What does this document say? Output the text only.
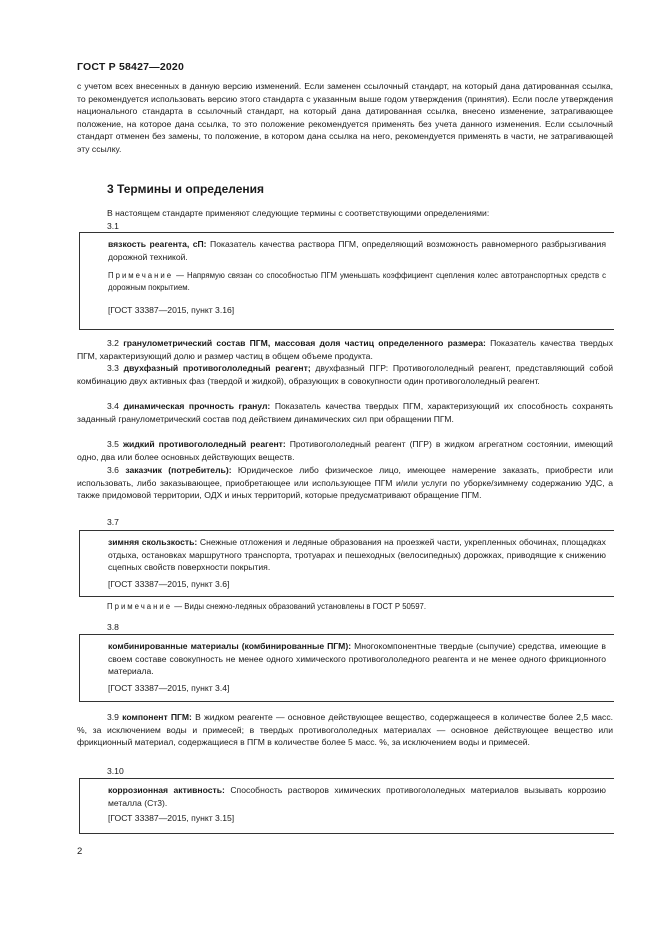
ГОСТ Р 58427—2020
с учетом всех внесенных в данную версию изменений. Если заменен ссылочный стандарт, на который дана датированная ссылка, то рекомендуется использовать версию этого стандарта с указанным выше годом утверждения (принятия). Если после утверждения национального стандарта в ссылочный стандарт, на который дана датированная ссылка, внесено изменение, затрагивающее положение, на которое дана ссылка, то это положение рекомендуется применять без учета данного изменения. Если ссылочный стандарт отменен без замены, то положение, в котором дана ссылка на него, рекомендуется применять в части, не затрагивающей эту ссылку.
3 Термины и определения
В настоящем стандарте применяют следующие термины с соответствующими определениями:
3.1
вязкость реагента, сП: Показатель качества раствора ПГМ, определяющий возможность равномерного разбрызгивания дорожной техникой.
Примечание — Напрямую связан со способностью ПГМ уменьшать коэффициент сцепления колес автотранспортных средств с дорожным покрытием.
[ГОСТ 33387—2015, пункт 3.16]
3.2 гранулометрический состав ПГМ, массовая доля частиц определенного размера: Показатель качества твердых ПГМ, характеризующий долю и размер частиц в общем объеме продукта.
3.3 двухфазный противогололедный реагент; двухфазный ПГР: Противогололедный реагент, представляющий собой комбинацию двух активных фаз (твердой и жидкой), образующих в совокупности один противогололедный реагент.
3.4 динамическая прочность гранул: Показатель качества твердых ПГМ, характеризующий их способность сохранять заданный гранулометрический состав под действием динамических сил при обращении ПГМ.
3.5 жидкий противогололедный реагент: Противогололедный реагент (ПГР) в жидком агрегатном состоянии, имеющий одно, два или более основных действующих веществ.
3.6 заказчик (потребитель): Юридическое либо физическое лицо, имеющее намерение заказать, приобрести или использовать, либо заказывающее, приобретающее или использующее ПГМ и/или услуги по уборке/зимнему содержанию УДС, а также придомовой территории, ОДХ и иных территорий, которые предусматривают обращение ПГМ.
3.7
зимняя скользкость: Снежные отложения и ледяные образования на проезжей части, укрепленных обочинах, площадках отдыха, остановках маршрутного транспорта, тротуарах и пешеходных (велосипедных) дорожках, приводящие к снижению сцепных свойств поверхности покрытия.
[ГОСТ 33387—2015, пункт 3.6]
Примечание — Виды снежно-ледяных образований установлены в ГОСТ Р 50597.
3.8
комбинированные материалы (комбинированные ПГМ): Многокомпонентные твердые (сыпучие) средства, имеющие в своем составе совокупность не менее одного химического противогололедного реагента и не менее одного фрикционного материала.
[ГОСТ 33387—2015, пункт 3.4]
3.9 компонент ПГМ: В жидком реагенте — основное действующее вещество, содержащееся в количестве более 2,5 масс. %, за исключением воды и примесей; в твердых противогололедных материалах — основное действующее вещество или фрикционный материал, содержащиеся в ПГМ в количестве более 5 масс. %, за исключением воды и примесей.
3.10
коррозионная активность: Способность растворов химических противогололедных материалов вызывать коррозию металла (Ст3).
[ГОСТ 33387—2015, пункт 3.15]
2
